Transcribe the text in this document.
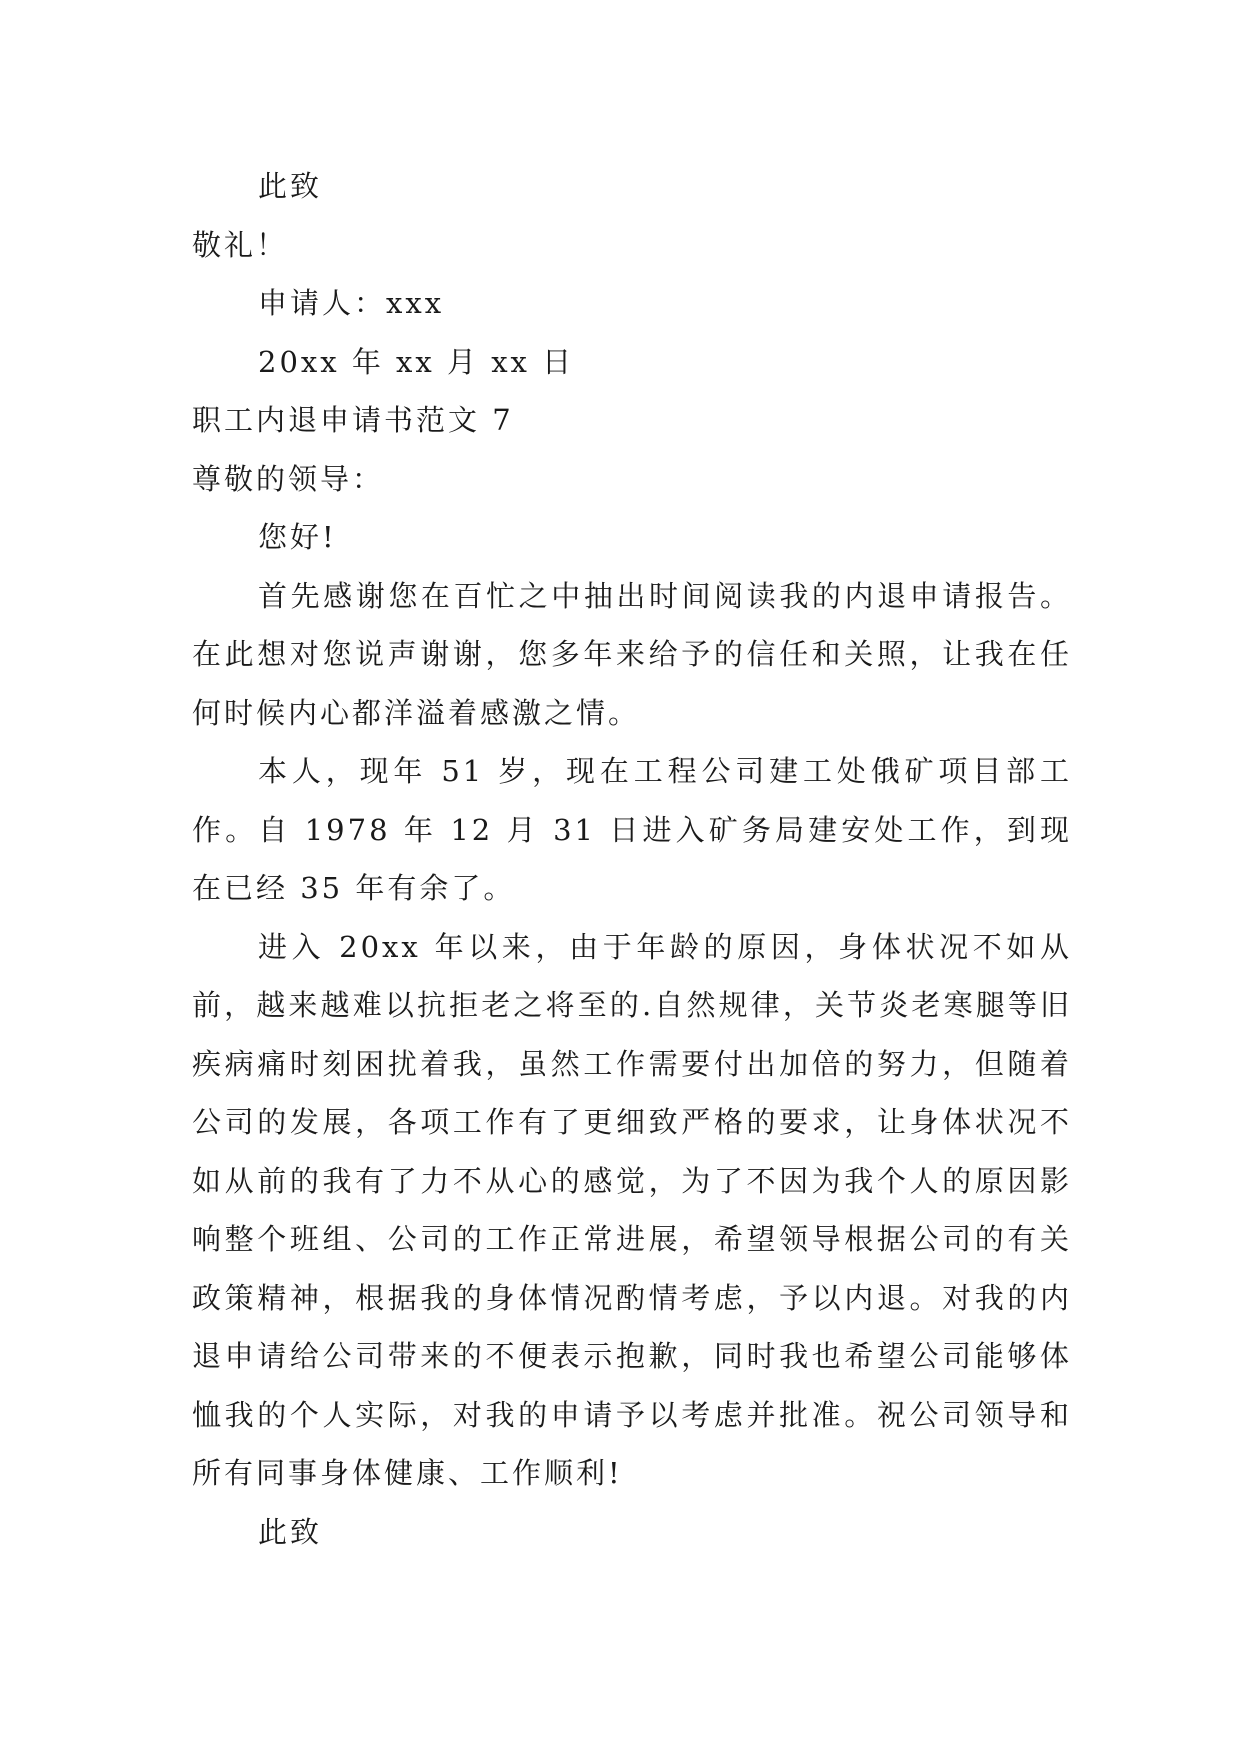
此致
敬礼！
申请人：xxx
20xx 年 xx 月 xx 日
职工内退申请书范文 7
尊敬的领导：
您好!
首先感谢您在百忙之中抽出时间阅读我的内退申请报告。在此想对您说声谢谢，您多年来给予的信任和关照，让我在任何时候内心都洋溢着感激之情。
本人，现年 51 岁，现在工程公司建工处俄矿项目部工作。自 1978 年 12 月 31 日进入矿务局建安处工作，到现在已经 35 年有余了。
进入 20xx 年以来，由于年龄的原因，身体状况不如从前，越来越难以抗拒老之将至的.自然规律，关节炎老寒腿等旧疾病痛时刻困扰着我，虽然工作需要付出加倍的努力，但随着公司的发展，各项工作有了更细致严格的要求，让身体状况不如从前的我有了力不从心的感觉，为了不因为我个人的原因影响整个班组、公司的工作正常进展，希望领导根据公司的有关政策精神，根据我的身体情况酌情考虑，予以内退。对我的内退申请给公司带来的不便表示抱歉，同时我也希望公司能够体恤我的个人实际，对我的申请予以考虑并批准。祝公司领导和所有同事身体健康、工作顺利!
此致
